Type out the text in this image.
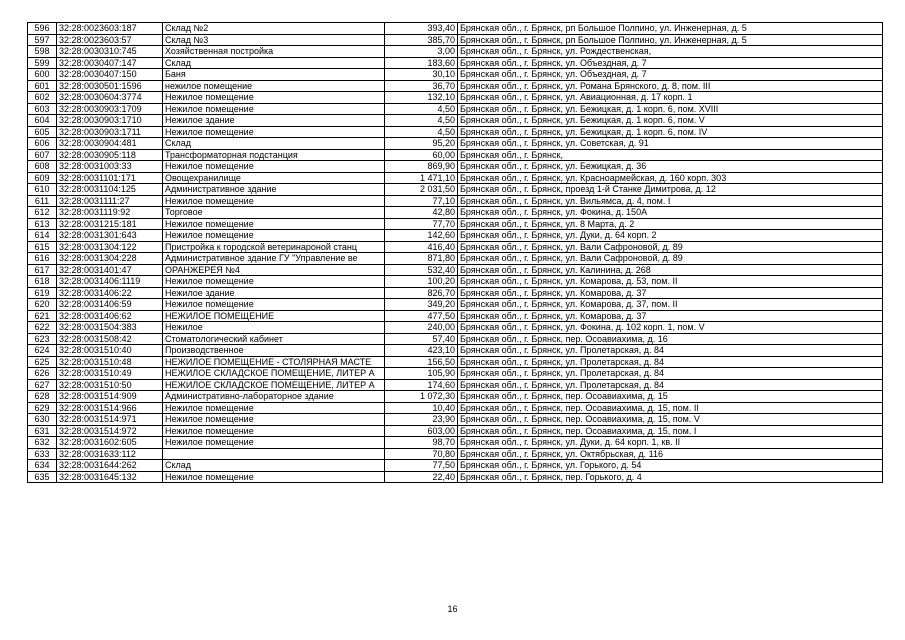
596	32:28:0023603:187	Склад №2	393,40	Брянская обл., г. Брянск, рп Большое Полпино, ул. Инженерная, д. 5
597	32:28:0023603:57	Склад №3	385,70	Брянская обл., г. Брянск, рп Большое Полпино, ул. Инженерная, д. 5
598	32:28:0030310:745	Хозяйственная постройка	3,00	Брянская обл., г. Брянск, ул. Рождественская,
599	32:28:0030407:147	Склад	183,60	Брянская обл., г. Брянск, ул. Объездная, д. 7
600	32:28:0030407:150	Баня	30,10	Брянская обл., г. Брянск, ул. Объездная, д. 7
601	32:28:0030501:1596	нежилое помещение	36,70	Брянская обл., г. Брянск, ул. Романа Брянского, д. 8, пом. III
602	32:28:0030604:3774	Нежилое помещение	132,10	Брянская обл., г. Брянск, ул. Авиационная, д. 17 корп. 1
603	32:28:0030903:1709	Нежилое помещение	4,50	Брянская обл., г. Брянск, ул. Бежицкая, д. 1 корп. 6, пом. XVIII
604	32:28:0030903:1710	Нежилое здание	4,50	Брянская обл., г. Брянск, ул. Бежицкая, д. 1 корп. 6, пом. V
605	32:28:0030903:1711	Нежилое помещение	4,50	Брянская обл., г. Брянск, ул. Бежицкая, д. 1 корп. 6, пом. IV
606	32:28:0030904:481	Склад	95,20	Брянская обл., г. Брянск, ул. Советская, д. 91
607	32:28:0030905:118	Трансформаторная подстанция	60,00	Брянская обл., г. Брянск,
608	32:28:0031003:33	Нежилое помещение	869,90	Брянская обл., г. Брянск, ул. Бежицкая, д. 36
609	32:28:0031101:171	Овощехранилище	1 471,10	Брянская обл., г. Брянск, ул. Красноармейская, д. 160 корп. 303
610	32:28:0031104:125	Административное здание	2 031,50	Брянская обл., г. Брянск, проезд 1-й Станке Димитрова, д. 12
611	32:28:0031111:27	Нежилое помещение	77,10	Брянская обл., г. Брянск, ул. Вильямса, д. 4, пом. I
612	32:28:0031119:92	Торговое	42,80	Брянская обл., г. Брянск, ул. Фокина, д. 150А
613	32:28:0031215:181	Нежилое помещение	77,70	Брянская обл., г. Брянск, ул. 8 Марта, д. 2
614	32:28:0031301:643	Нежилое помещение	142,60	Брянская обл., г. Брянск, ул. Дуки, д. 64 корп. 2
615	32:28:0031304:122	Пристройка к городской ветеринароной станц	416,40	Брянская обл., г. Брянск, ул. Вали Сафроновой, д. 89
616	32:28:0031304:228	Административное здание ГУ "Управление ве	871,80	Брянская обл., г. Брянск, ул. Вали Сафроновой, д. 89
617	32:28:0031401:47	ОРАНЖЕРЕЯ №4	532,40	Брянская обл., г. Брянск, ул. Калинина, д. 268
618	32:28:0031406:1119	Нежилое помещение	100,20	Брянская обл., г. Брянск, ул. Комарова, д. 53, пом. II
619	32:28:0031406:22	Нежилое здание	826,70	Брянская обл., г. Брянск, ул. Комарова, д. 37
620	32:28:0031406:59	Нежилое помещение	349,20	Брянская обл., г. Брянск, ул. Комарова, д. 37, пом. II
621	32:28:0031406:62	НЕЖИЛОЕ ПОМЕЩЕНИЕ	477,50	Брянская обл., г. Брянск, ул. Комарова, д. 37
622	32:28:0031504:383	Нежилое	240,00	Брянская обл., г. Брянск, ул. Фокина, д. 102 корп. 1, пом. V
623	32:28:0031508:42	Стоматологический кабинет	57,40	Брянская обл., г. Брянск, пер. Осоавиахима, д. 16
624	32:28:0031510:40	Производственное	423,10	Брянская обл., г. Брянск, ул. Пролетарская, д. 84
625	32:28:0031510:48	НЕЖИЛОЕ ПОМЕЩЕНИЕ - СТОЛЯРНАЯ МАСТЕ	156,50	Брянская обл., г. Брянск, ул. Пролетарская, д. 84
626	32:28:0031510:49	НЕЖИЛОЕ СКЛАДСКОЕ ПОМЕЩЕНИЕ, ЛИТЕР А	105,90	Брянская обл., г. Брянск, ул. Пролетарская, д. 84
627	32:28:0031510:50	НЕЖИЛОЕ СКЛАДСКОЕ ПОМЕЩЕНИЕ, ЛИТЕР А	174,60	Брянская обл., г. Брянск, ул. Пролетарская, д. 84
628	32:28:0031514:909	Административно-лабораторное здание	1 072,30	Брянская обл., г. Брянск, пер. Осоавиахима, д. 15
629	32:28:0031514:966	Нежилое помещение	10,40	Брянская обл., г. Брянск, пер. Осоавиахима, д. 15, пом. II
630	32:28:0031514:971	Нежилое помещение	23,90	Брянская обл., г. Брянск, пер. Осоавиахима, д. 15, пом. V
631	32:28:0031514:972	Нежилое помещение	603,00	Брянская обл., г. Брянск, пер. Осоавиахима, д. 15, пом. I
632	32:28:0031602:605	Нежилое помещение	98,70	Брянская обл., г. Брянск, ул. Дуки, д. 64 корп. 1, кв. II
633	32:28:0031633:112		70,80	Брянская обл., г. Брянск, ул. Октябрьская, д. 116
634	32:28:0031644:262	Склад	77,50	Брянская обл., г. Брянск, ул. Горького, д. 54
635	32:28:0031645:132	Нежилое помещение	22,40	Брянская обл., г. Брянск, пер. Горького, д. 4
16
